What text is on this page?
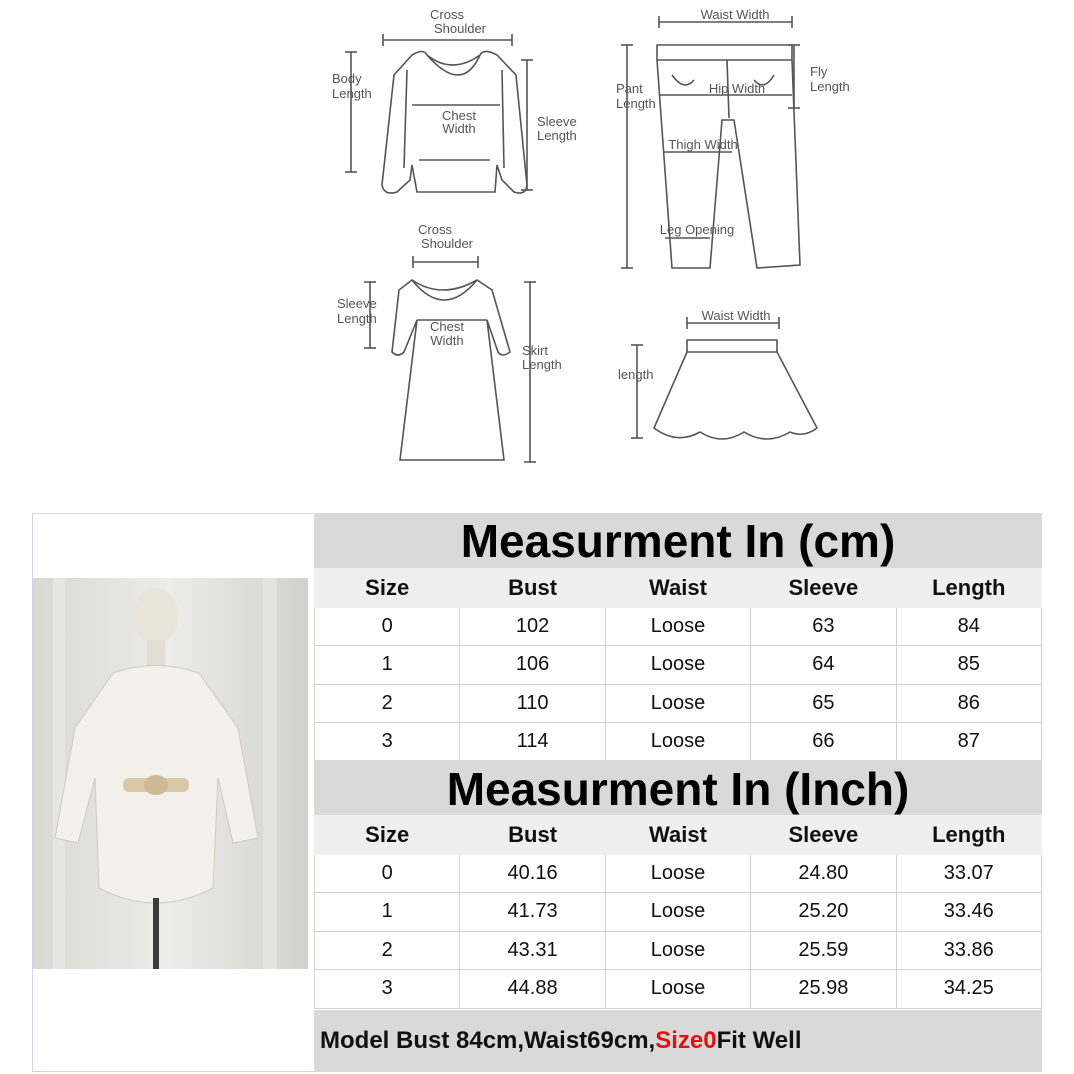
Cross
Shoulder
Body
Length
Chest
Width	Sleeve
Length
Waist Width
Pant
Length
Fly
Length
Hip Width
Thigh Width
Leg Opening
Cross
Shoulder
Sleeve
Length
Chest
Width
Skirt
Length
Waist Width
length
Measurment In (cm)
Size	Bust	Waist	Sleeve	Length
0	102	Loose	63	84
1	106	Loose	64	85
2	110	Loose	65	86
3	114	Loose	66	87
Measurment In (Inch)
Size	Bust	Waist	Sleeve	Length
0	40.16	Loose	24.80	33.07
1	41.73	Loose	25.20	33.46
2	43.31	Loose	25.59	33.86
3	44.88	Loose	25.98	34.25
Model Bust 84cm,Waist69cm, Size0 Fit Well
